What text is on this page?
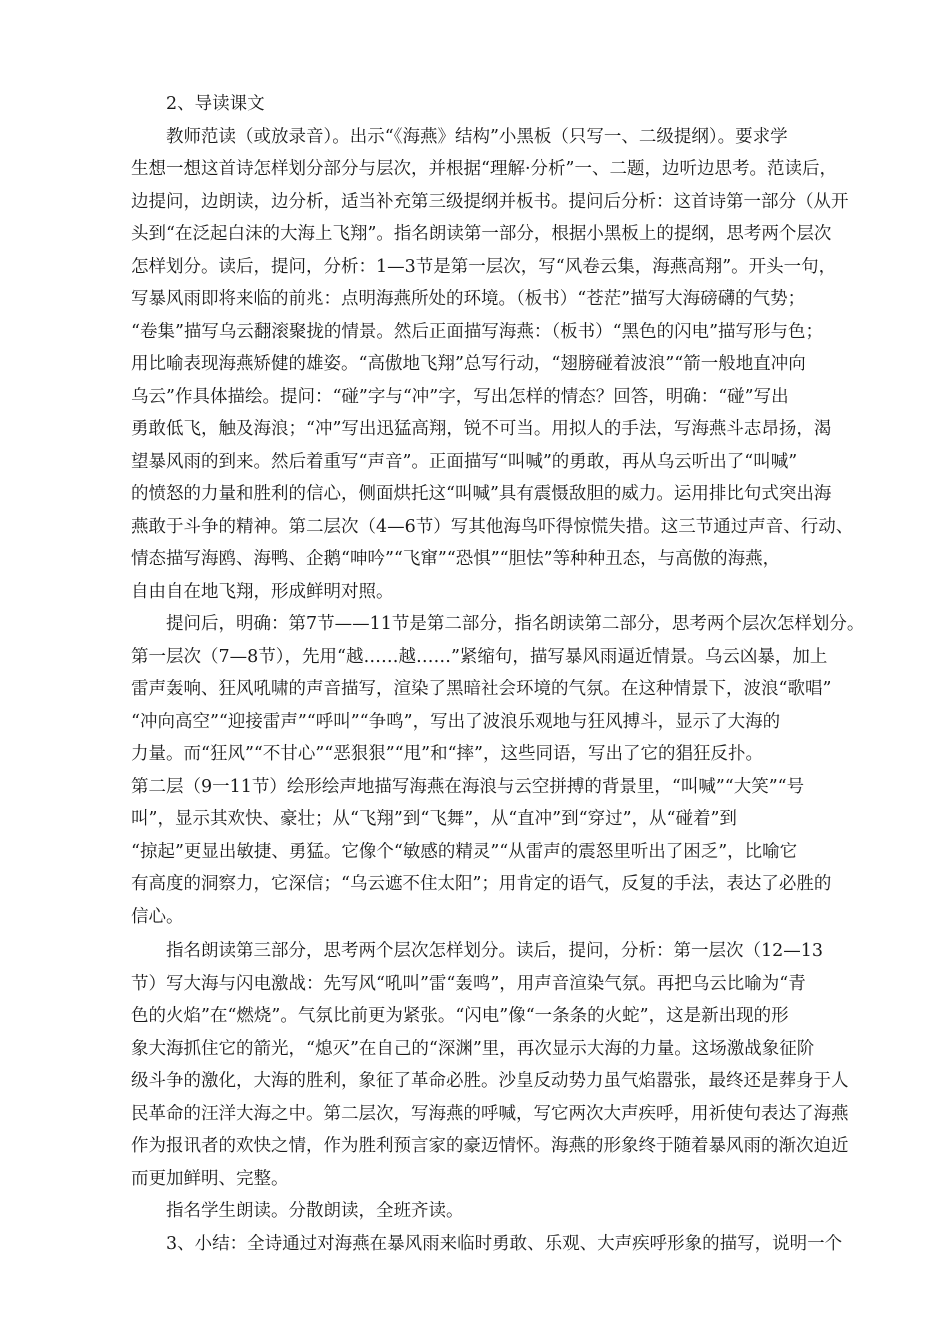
2、导读课文
教师范读（或放录音）。出示“《海燕》结构”小黑板（只写一、二级提纲）。要求学
生想一想这首诗怎样划分部分与层次，并根据“理解·分析”一、二题，边听边思考。范读后，
边提问，边朗读，边分析，适当补充第三级提纲并板书。提问后分析：这首诗第一部分（从开
头到“在泛起白沫的大海上飞翔”。指名朗读第一部分，根据小黑板上的提纲，思考两个层次
怎样划分。读后，提问，分析：1—3节是第一层次，写“风卷云集，海燕高翔”。开头一句，
写暴风雨即将来临的前兆：点明海燕所处的环境。（板书）“苍茫”描写大海磅礴的气势；
“卷集”描写乌云翻滚聚拢的情景。然后正面描写海燕：（板书）“黑色的闪电”描写形与色；
用比喻表现海燕矫健的雄姿。“高傲地飞翔”总写行动，“翅膀碰着波浪”“箭一般地直冲向
乌云”作具体描绘。提问：“碰”字与“冲”字，写出怎样的情态？回答，明确：“碰”写出
勇敢低飞，触及海浪；“冲”写出迅猛高翔，锐不可当。用拟人的手法，写海燕斗志昂扬，渴
望暴风雨的到来。然后着重写“声音”。正面描写“叫喊”的勇敢，再从乌云听出了“叫喊”
的愤怒的力量和胜利的信心，侧面烘托这“叫喊”具有震慑敌胆的威力。运用排比句式突出海
燕敢于斗争的精神。第二层次（4—6节）写其他海鸟吓得惊慌失措。这三节通过声音、行动、
情态描写海鸥、海鸭、企鹅“呻吟”“飞窜”“恐惧”“胆怯”等种种丑态，与高傲的海燕，
自由自在地飞翔，形成鲜明对照。
提问后，明确：第7节——11节是第二部分，指名朗读第二部分，思考两个层次怎样划分。
第一层次（7—8节），先用“越……越……”紧缩句，描写暴风雨逼近情景。乌云凶暴，加上
雷声轰响、狂风吼啸的声音描写，渲染了黑暗社会环境的气氛。在这种情景下，波浪“歌唱”
“冲向高空”“迎接雷声”“呼叫”“争鸣”，写出了波浪乐观地与狂风搏斗，显示了大海的
力量。而“狂风”“不甘心”“恶狠狠”“甩”和“摔”，这些同语，写出了它的猖狂反扑。
第二层（9一11节）绘形绘声地描写海燕在海浪与云空拼搏的背景里，“叫喊”“大笑”“号
叫”，显示其欢快、豪壮；从“飞翔”到“飞舞”，从“直冲”到“穿过”，从“碰着”到
“掠起”更显出敏捷、勇猛。它像个“敏感的精灵”“从雷声的震怒里听出了困乏”，比喻它
有高度的洞察力，它深信；“乌云遮不住太阳”；用肯定的语气，反复的手法，表达了必胜的
信心。
指名朗读第三部分，思考两个层次怎样划分。读后，提问，分析：第一层次（12—13
节）写大海与闪电激战：先写风“吼叫”雷“轰鸣”，用声音渲染气氛。再把乌云比喻为“青
色的火焰”在“燃烧”。气氛比前更为紧张。“闪电”像“一条条的火蛇”，这是新出现的形
象大海抓住它的箭光，“熄灭”在自己的“深渊”里，再次显示大海的力量。这场激战象征阶
级斗争的激化，大海的胜利，象征了革命必胜。沙皇反动势力虽气焰嚣张，最终还是葬身于人
民革命的汪洋大海之中。第二层次，写海燕的呼喊，写它两次大声疾呼，用祈使句表达了海燕
作为报讯者的欢快之情，作为胜利预言家的豪迈情怀。海燕的形象终于随着暴风雨的渐次迫近
而更加鲜明、完整。
指名学生朗读。分散朗读，全班齐读。
3、小结：全诗通过对海燕在暴风雨来临时勇敢、乐观、大声疾呼形象的描写，说明一个
